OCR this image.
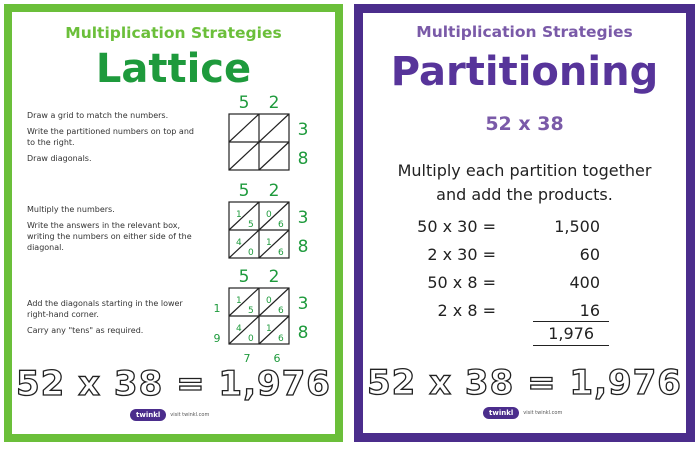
Multiplication Strategies
Lattice

Draw a grid to match the numbers.

Write the partitioned numbers on top and to the right.

Draw diagonals.

5 2
3
8

Multiply the numbers.

Write the answers in the relevant box, writing the numbers on either side of the diagonal.

5 2
1
5
0
6
4
0
1
6
3
8

Add the diagonals starting in the lower right-hand corner.

Carry any "tens" as required.

5 2
1
5
0
6
4
0
1
6
3
8
1
9
7 6
52 x 38 = 1,976
twinkl	visit twinkl.com
Multiplication Strategies
Partitioning
52 x 38
Multiply each partition together
and add the products.
50 x 30 =	1,500
2 x 30 =	60
50 x 8 =	400
2 x 8 =	16
1,976
52 x 38 = 1,976
twinkl	visit twinkl.com
